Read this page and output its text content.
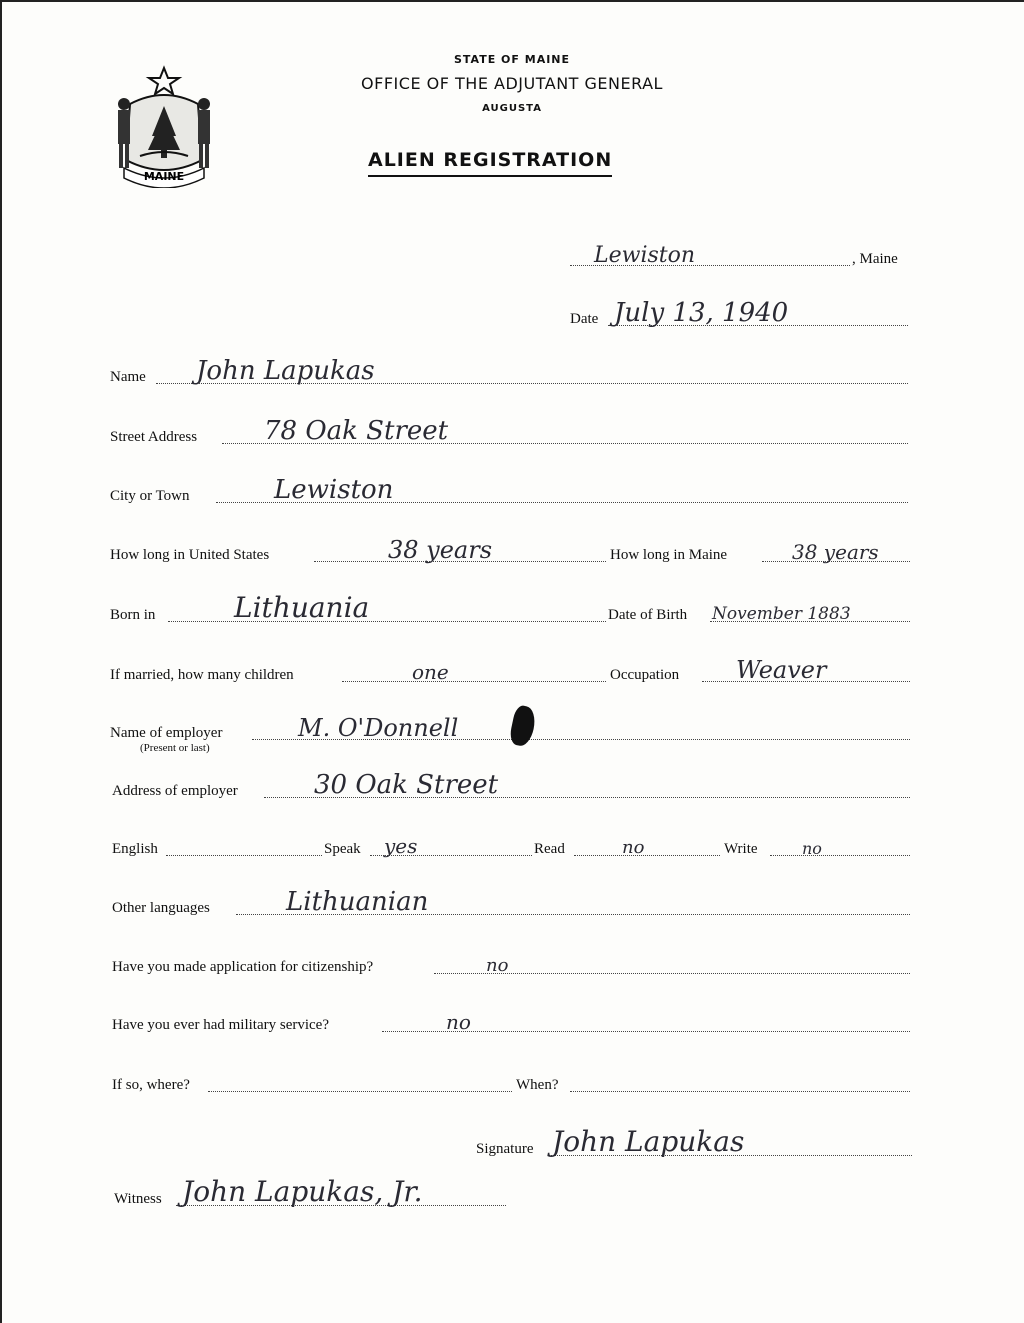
MAINE
STATE OF MAINE
OFFICE OF THE ADJUTANT GENERAL
AUGUSTA
ALIEN REGISTRATION
Lewiston	, Maine
Date July 13, 1940
Name John Lapukas
Street Address	78 Oak Street
City or Town	Lewiston
How long in United States	38 years	How long in Maine	38 years
Born in	Lithuania	Date of Birth November 1883
If married, how many children	one	Occupation Weaver
Name of employer	M. O'Donnell
(Present or last)
Address of employer	30 Oak Street
English	Speak yes	Read	no	Write	no
Other languages	Lithuanian
Have you made application for citizenship?	no
Have you ever had military service?	no
If so, where?	When?
Signature John Lapukas
Witness John Lapukas, Jr.
